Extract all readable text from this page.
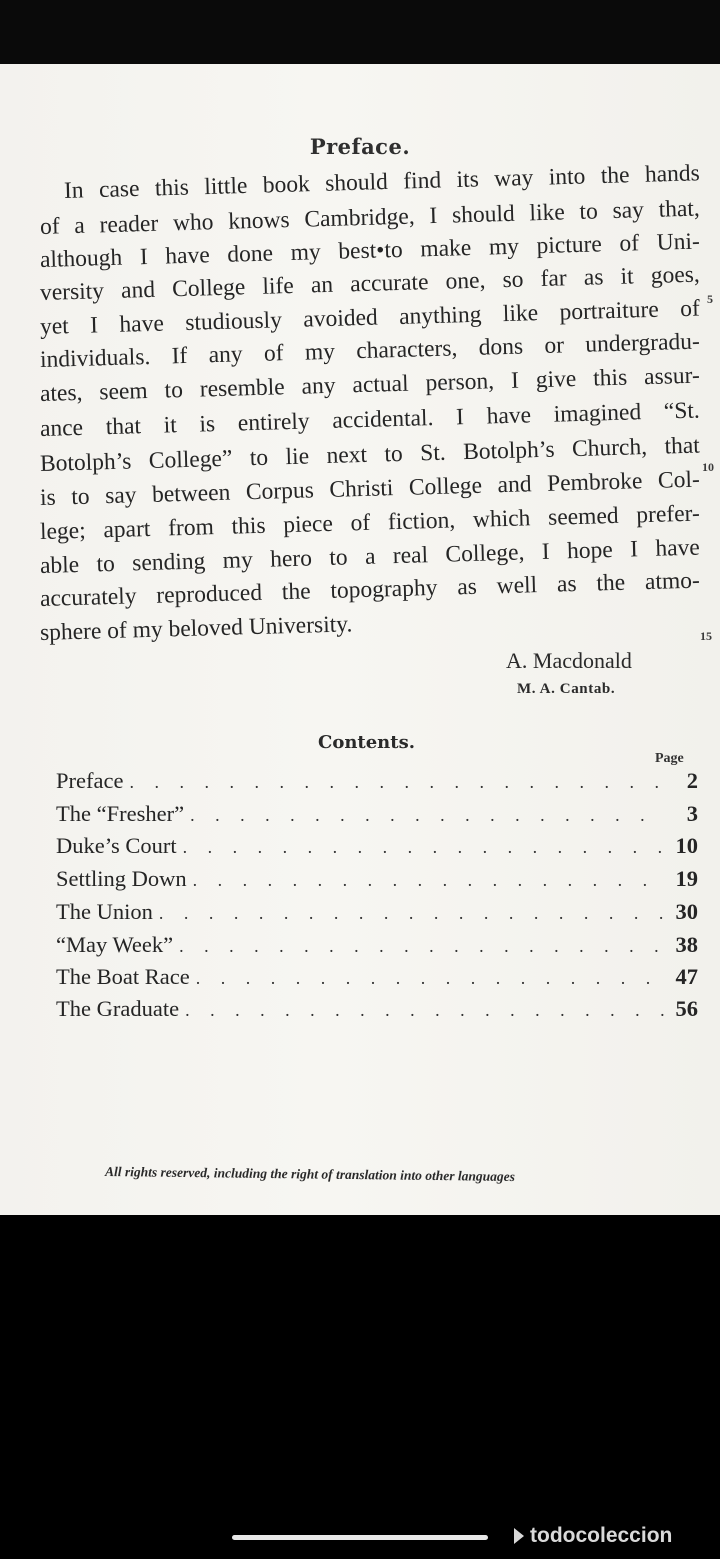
Preface.
In case this little book should find its way into the hands
of a reader who knows Cambridge, I should like to say that,
although I have done my best•to make my picture of Uni-
versity and College life an accurate one, so far as it goes,
yet I have studiously avoided anything like portraiture of
individuals. If any of my characters, dons or undergradu-
ates, seem to resemble any actual person, I give this assur-
ance that it is entirely accidental. I have imagined “St.
Botolph’s College” to lie next to St. Botolph’s Church, that
is to say between Corpus Christi College and Pembroke Col-
lege; apart from this piece of fiction, which seemed prefer-
able to sending my hero to a real College, I hope I have
accurately reproduced the topography as well as the atmo-
sphere of my beloved University.
5
10
15
A. Macdonald
M. A. Cantab.
Contents.
Page
Preface . . .	2
The “Fresher” . . .	3
Duke’s Court . . .	10
Settling Down . . .	19
The Union . . .	30
“May Week” . . .	38
The Boat Race . . .	47
The Graduate . . .	56
All rights reserved, including the right of translation into other languages
todocoleccion
